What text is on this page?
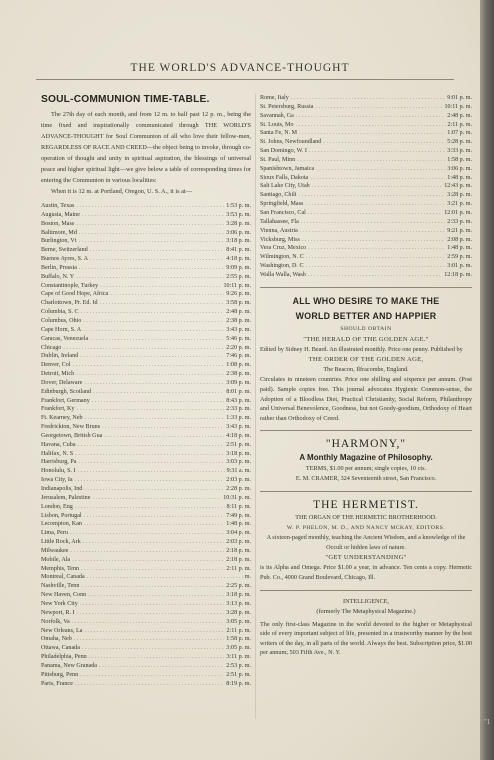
"1
THE WORLD'S ADVANCE-THOUGHT
SOUL-COMMUNION TIME-TABLE.

The 27th day of each month, and from 12 m. to half past 12 p. m., being the time fixed and inspirationally communicated through THE WORLD'S ADVANCE-THOUGHT for Soul Communion of all who love their fellow-men, REGARDLESS OF RACE AND CREED—the object being to invoke, through co-operation of thought and unity in spiritual aspiration, the blessings of universal peace and higher spiritual light—we give below a table of corresponding times for entering the Communion in various localities:

When it is 12 m. at Portland, Oregon, U. S. A., it is at—

Austin, Texas . . .	1:53 p. m.
Augusta, Maine . . .	3:53 p. m.
Boston, Mass . . .	3:28 p. m.
Baltimore, Md . . .	3:06 p. m.
Burlington, Vt . . .	3:18 p. m.
Berne, Switzerland . . .	8:41 p. m.
Buenos Ayres, S. A . . .	4:18 p. m.
Berlin, Prussia . . .	9:09 p. m.
Buffalo, N. Y . . .	2:55 p. m.
Constantinople, Turkey . . .	10:11 p. m.
Cape of Good Hope, Africa . . .	9:26 p. m.
Charlottown, Pr. Ed. Id . . .	3:58 p. m.
Columbia, S. C . . .	2:48 p. m.
Columbus, Ohio . . .	2:38 p. m.
Cape Horn, S. A . . .	3:43 p. m.
Caracas, Venezuela . . .	5:46 p. m.
Chicago . . .	2:20 p. m.
Dublin, Ireland . . .	7:46 p. m.
Denver, Col . . .	1:08 p. m.
Detroit, Mich . . .	2:38 p. m.
Dover, Delaware . . .	3:09 p. m.
Edinburgh, Scotland . . .	8:01 p. m.
Frankfort, Germany . . .	8:43 p. m.
Frankfort, Ky . . .	2:33 p. m.
Ft. Kearney, Neb . . .	1:33 p. m.
Fredrickton, New Bruns . . .	3:43 p. m.
Georgetown, British Gua . . .	4:18 p. m.
Havana, Cuba . . .	2:51 p. m.
Halifax, N. S . . .	3:18 p. m.
Harrisburg, Pa . . .	3:03 p. m.
Honolulu, S. I . . .	9:31 a. m.
Iowa City, Ia . . .	2:03 p. m.
Indianapolis, Ind . . .	2:28 p. m.
Jerusalem, Palestine . . .	10:31 p. m.
London, Eng . . .	8:11 p. m.
Lisbon, Portugal . . .	7:49 p. m.
Lecompton, Kan . . .	1:48 p. m.
Lima, Peru . . .	3:04 p. m.
Little Rock, Ark . . .	2:03 p. m.
Milwaukee . . .	2:18 p. m.
Mobile, Ala . . .	2:18 p. m.
Memphis, Tenn . . .	2:11 p. m.
Montreal, Canada . . .	m.
Nashville, Tenn . . .	2:25 p. m.
New Haven, Conn . . .	3:18 p. m.
New York City . . .	3:13 p. m.
Newport, R. I . . .	3:28 p. m.
Norfolk, Va . . .	3:05 p. m.
New Orleans, La . . .	2:11 p. m.
Omaha, Neb . . .	1:58 p. m.
Ottawa, Canada . . .	3:05 p. m.
Philadelphia, Penn . . .	3:11 p. m.
Panama, New Granada . . .	2:53 p. m.
Pittsburg, Penn . . .	2:51 p. m.
Paris, France . . .	8:19 p. m.
Rome, Italy . . .	9:01 p. m.
St. Petersburg, Russia . . .	10:11 p. m.
Savannah, Ga . . .	2:48 p. m.
St. Louis, Mo . . .	2:11 p. m.
Santa Fe, N. M . . .	1:07 p. m.
St. Johns, Newfoundland . . .	5:28 p. m.
San Domingo, W. I . . .	3:33 p. m.
St. Paul, Minn . . .	1:58 p. m.
Spanishtown, Jamaica . . .	3:06 p. m.
Sioux Falls, Dakota . . .	1:48 p. m.
Salt Lake City, Utah . . .	12:43 p. m.
Santiago, Chili . . .	3:28 p. m.
Springfield, Mass . . .	3:21 p. m.
San Francisco, Cal . . .	12:01 p. m.
Tallahassee, Fla . . .	2:33 p. m.
Vienna, Austria . . .	9:21 p. m.
Vicksburg, Miss . . .	2:08 p. m.
Vera Cruz, Mexico . . .	1:48 p. m.
Wilmington, N. C . . .	2:59 p. m.
Washington, D. C . . .	3:01 p. m.
Walla Walla, Wash . . .	12:18 p. m.
ALL WHO DESIRE TO MAKE THE
WORLD BETTER AND HAPPIER
SHOULD OBTAIN
"THE HERALD OF THE GOLDEN AGE."

Edited by Sidney H. Beard. An illustrated monthly. Price one penny. Published by

THE ORDER OF THE GOLDEN AGE,
The Beacon, Ilfracombe, England.

Circulates in nineteen countries. Price one shilling and sixpence per annum. (Post paid). Sample copies free. This journal advocates Hygienic Common-sense, the Adoption of a Bloodless Diet, Practical Christianity, Social Reform, Philanthropy and Universal Benevolence, Goodness, but not Goody-goodism, Orthodoxy of Heart rather than Orthodoxy of Creed.

"HARMONY,"
A Monthly Magazine of Philosophy.
TERMS, $1.00 per annum; single copies, 10 cts.
E. M. CRAMER, 324 Seventeenth street, San Francisco.
THE HERMETIST.
THE ORGAN OF THE HERMETIC BROTHERHOOD.
W. P. PHELON, M. D., AND NANCY MCKAY, EDITORS.

A sixteen-paged monthly, teaching the Ancient Wisdom, and a knowledge of the Occult or hidden laws of nature.

"GET UNDERSTANDING"

is its Alpha and Omega. Price $1.00 a year, in advance. Ten cents a copy. Hermetic Pub. Co., 4000 Grand Boulevard, Chicago, Ill.

INTELLIGENCE,
(formerly The Metaphysical Magazine.)

The only first-class Magazine in the world devoted to the higher or Metaphysical side of every important subject of life, presented in a trustworthy manner by the best writers of the day, in all parts of the world. Always the best. Subscription price, $1.00 per annum; 503 Fifth Ave., N. Y.
